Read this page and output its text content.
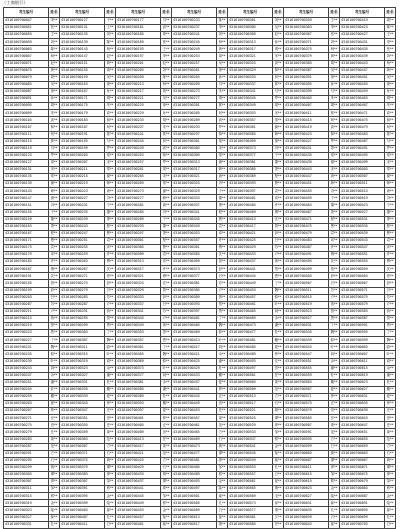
（工商银行）
考生编号	姓名	考生编号	姓名	考生编号	姓名	考生编号	姓名	考生编号	姓名	考生编号	姓名	考生编号	姓名
4316100700047	李**	4316100700127	于**	4316100700177	马**	4316100700233	陈**	4316100700301	刘**	4316100700359	王**	4316100700419	周**
4316100700051	张**	4316100700131	王**	4316100700181	高**	4316100700237	李**	4316100700305	吴**	4316100700363	李**	4316100700423	陈**
4316100700055	王**	4316100700135	刘**	4316100700185	黄**	4316100700241	刘**	4316100700309	赵**	4316100700367	张**	4316100700427	王**
4316100700059	刘**	4316100700139	陈**	4316100700189	张**	4316100700245	杨**	4316100700313	孙**	4316100700371	刘**	4316100700431	李**
4316100700063	陈**	4316100700143	杨**	4316100700193	王**	4316100700249	黄**	4316100700317	胡**	4316100700375	杨**	4316100700435	张**
4316100700067	杨**	4316100700147	赵**	4316100700197	李**	4316100700253	周**	4316100700321	朱**	4316100700379	黄**	4316100700439	刘**
4316100700071	赵**	4316100700151	黄**	4316100700201	赵**	4316100700257	吴**	4316100700325	高**	4316100700383	周**	4316100700443	杨**
4316100700075	黄**	4316100700155	周**	4316100700205	刘**	4316100700261	徐**	4316100700329	林**	4316100700387	吴**	4316100700447	黄**
4316100700079	周**	4316100700159	吴**	4316100700209	陈**	4316100700265	孙**	4316100700333	何**	4316100700391	徐**	4316100700451	吴**
4316100700083	吴**	4316100700163	徐**	4316100700213	杨**	4316100700269	马**	4316100700337	郭**	4316100700395	孙**	4316100700455	徐**
4316100700087	徐**	4316100700167	孙**	4316100700217	周**	4316100700273	朱**	4316100700341	马**	4316100700399	马**	4316100700459	孙**
4316100700091	孙**	4316100700171	胡**	4316100700221	吴**	4316100700277	胡**	4316100700345	罗**	4316100700403	朱**	4316100700463	胡**
4316100700095	胡**	4316100700175	朱**	4316100700225	徐**	4316100700281	郭**	4316100700349	梁**	4316100700407	胡**	4316100700467	朱**
4316100700099	朱**	4316100700179	高**	4316100700229	孙**	4316100700285	何**	4316100700353	宋**	4316100700411	郭**	4316100700471	高**
4316100700103	高**	4316100700183	林**	4316100700233	胡**	4316100700289	高**	4316100700357	郑**	4316100700415	何**	4316100700475	林**
4316100700107	林**	4316100700187	何**	4316100700237	朱**	4316100700293	罗**	4316100700361	谢**	4316100700419	高**	4316100700479	何**
4316100700111	何**	4316100700191	郭**	4316100700241	郭**	4316100700297	林**	4316100700365	韩**	4316100700423	林**	4316100700483	郭**
4316100700115	郭**	4316100700195	马**	4316100700245	何**	4316100700301	梁**	4316100700369	唐**	4316100700427	罗**	4316100700487	马**
4316100700119	马**	4316100700199	罗**	4316100700249	高**	4316100700305	宋**	4316100700373	冯**	4316100700431	郑**	4316100700491	罗**
4316100700123	罗**	4316100700203	梁**	4316100700253	林**	4316100700309	郑**	4316100700377	于**	4316100700435	梁**	4316100700495	梁**
4316100700127	梁**	4316100700207	宋**	4316100700257	罗**	4316100700313	谢**	4316100700381	董**	4316100700439	谢**	4316100700499	宋**
4316100700131	宋**	4316100700211	郑**	4316100700261	梁**	4316100700317	韩**	4316100700385	萧**	4316100700443	宋**	4316100700503	郑**
4316100700135	郑**	4316100700215	谢**	4316100700265	宋**	4316100700321	唐**	4316100700389	程**	4316100700447	唐**	4316100700507	谢**
4316100700139	谢**	4316100700219	韩**	4316100700269	郑**	4316100700325	冯**	4316100700393	曹**	4316100700451	韩**	4316100700511	韩**
4316100700143	韩**	4316100700223	唐**	4316100700273	谢**	4316100700329	于**	4316100700397	袁**	4316100700455	冯**	4316100700515	唐**
4316100700147	唐**	4316100700227	冯**	4316100700277	韩**	4316100700333	董**	4316100700401	邓**	4316100700459	于**	4316100700519	冯**
4316100700151	冯**	4316100700231	于**	4316100700281	唐**	4316100700337	萧**	4316100700405	许**	4316100700463	董**	4316100700523	于**
4316100700155	于**	4316100700235	董**	4316100700285	冯**	4316100700341	程**	4316100700409	傅**	4316100700467	萧**	4316100700527	董**
4316100700159	董**	4316100700239	萧**	4316100700289	于**	4316100700345	曹**	4316100700413	沈**	4316100700471	程**	4316100700531	萧**
4316100700163	萧**	4316100700243	程**	4316100700293	董**	4316100700349	袁**	4316100700417	曾**	4316100700475	曹**	4316100700535	程**
4316100700167	程**	4316100700247	曹**	4316100700297	萧**	4316100700353	邓**	4316100700421	彭**	4316100700479	袁**	4316100700539	曹**
4316100700171	曹**	4316100700251	袁**	4316100700301	程**	4316100700357	许**	4316100700425	吕**	4316100700483	邓**	4316100700543	袁**
4316100700175	袁**	4316100700255	邓**	4316100700305	曹**	4316100700361	傅**	4316100700429	苏**	4316100700487	许**	4316100700547	邓**
4316100700179	邓**	4316100700259	许**	4316100700309	袁**	4316100700365	沈**	4316100700433	卢**	4316100700491	傅**	4316100700551	许**
4316100700183	许**	4316100700263	傅**	4316100700313	邓**	4316100700369	曾**	4316100700437	蒋**	4316100700495	沈**	4316100700555	傅**
4316100700187	傅**	4316100700267	沈**	4316100700317	许**	4316100700373	彭**	4316100700441	蔡**	4316100700499	曾**	4316100700559	沈**
4316100700191	沈**	4316100700271	曾**	4316100700321	傅**	4316100700377	吕**	4316100700445	贾**	4316100700503	彭**	4316100700563	曾**
4316100700195	曾**	4316100700275	彭**	4316100700325	沈**	4316100700381	苏**	4316100700449	丁**	4316100700507	吕**	4316100700567	彭**
4316100700199	彭**	4316100700279	吕**	4316100700329	曾**	4316100700385	卢**	4316100700453	魏**	4316100700511	苏**	4316100700571	吕**
4316100700203	吕**	4316100700283	苏**	4316100700333	彭**	4316100700389	蒋**	4316100700457	薛**	4316100700515	卢**	4316100700575	苏**
4316100700207	苏**	4316100700287	卢**	4316100700337	吕**	4316100700393	蔡**	4316100700461	叶**	4316100700519	蒋**	4316100700579	卢**
4316100700211	卢**	4316100700291	蒋**	4316100700341	苏**	4316100700397	贾**	4316100700465	阎**	4316100700523	蔡**	4316100700583	蒋**
4316100700215	蒋**	4316100700295	蔡**	4316100700345	卢**	4316100700401	丁**	4316100700469	余**	4316100700527	贾**	4316100700587	蔡**
4316100700219	蔡**	4316100700299	贾**	4316100700349	蒋**	4316100700405	魏**	4316100700473	潘**	4316100700531	丁**	4316100700591	贾**
4316100700223	贾**	4316100700303	丁**	4316100700353	蔡**	4316100700409	薛**	4316100700477	杜**	4316100700535	魏**	4316100700595	丁**
4316100700227	丁**	4316100700307	魏**	4316100700357	贾**	4316100700413	叶**	4316100700481	戴**	4316100700539	薛**	4316100700599	魏**
4316100700231	魏**	4316100700311	薛**	4316100700361	丁**	4316100700417	阎**	4316100700485	夏**	4316100700543	叶**	4316100700603	薛**
4316100700235	薛**	4316100700315	叶**	4316100700365	魏**	4316100700421	余**	4316100700489	钟**	4316100700547	阎**	4316100700607	叶**
4316100700239	叶**	4316100700319	阎**	4316100700369	薛**	4316100700425	潘**	4316100700493	汪**	4316100700551	余**	4316100700611	阎**
4316100700243	阎**	4316100700323	余**	4316100700373	叶**	4316100700429	杜**	4316100700497	田**	4316100700555	潘**	4316100700615	余**
4316100700247	余**	4316100700327	潘**	4316100700377	阎**	4316100700433	戴**	4316100700501	任**	4316100700559	杜**	4316100700619	潘**
4316100700251	潘**	4316100700331	杜**	4316100700381	余**	4316100700437	夏**	4316100700505	姜**	4316100700563	戴**	4316100700623	杜**
4316100700255	杜**	4316100700335	戴**	4316100700385	潘**	4316100700441	钟**	4316100700509	范**	4316100700567	夏**	4316100700627	戴**
4316100700259	戴**	4316100700339	夏**	4316100700389	杜**	4316100700445	汪**	4316100700513	方**	4316100700571	钟**	4316100700631	夏**
4316100700263	夏**	4316100700343	钟**	4316100700393	戴**	4316100700449	田**	4316100700517	石**	4316100700575	汪**	4316100700635	钟**
4316100700267	钟**	4316100700347	汪**	4316100700397	夏**	4316100700453	任**	4316100700521	姚**	4316100700579	田**	4316100700639	汪**
4316100700271	汪**	4316100700351	田**	4316100700401	钟**	4316100700457	姜**	4316100700525	谭**	4316100700583	任**	4316100700643	田**
4316100700275	田**	4316100700355	任**	4316100700405	汪**	4316100700461	范**	4316100700529	廖**	4316100700587	姜**	4316100700647	任**
4316100700279	任**	4316100700359	姜**	4316100700409	田**	4316100700465	方**	4316100700533	邹**	4316100700591	范**	4316100700651	姜**
4316100700283	姜**	4316100700363	范**	4316100700413	任**	4316100700469	石**	4316100700537	熊**	4316100700595	方**	4316100700655	范**
4316100700287	范**	4316100700367	方**	4316100700417	姜**	4316100700473	姚**	4316100700541	金**	4316100700599	石**	4316100700659	方**
4316100700291	方**	4316100700371	石**	4316100700421	范**	4316100700477	谭**	4316100700545	陆**	4316100700603	姚**	4316100700663	石**
4316100700295	石**	4316100700375	姚**	4316100700425	方**	4316100700481	廖**	4316100700549	郝**	4316100700607	谭**	4316100700667	姚**
4316100700299	姚**	4316100700379	谭**	4316100700429	石**	4316100700485	邹**	4316100700553	孔**	4316100700611	廖**	4316100700671	谭**
4316100700303	谭**	4316100700383	廖**	4316100700433	姚**	4316100700489	熊**	4316100700557	白**	4316100700615	邹**	4316100700675	廖**
4316100700307	廖**	4316100700387	邹**	4316100700437	谭**	4316100700493	金**	4316100700561	崔**	4316100700619	熊**	4316100700679	邹**
4316100700311	邹**	4316100700391	熊**	4316100700441	廖**	4316100700497	陆**	4316100700565	康**	4316100700623	金**	4316100700683	熊**
4316100700315	熊**	4316100700395	金**	4316100700445	邹**	4316100700501	郝**	4316100700569	毛**	4316100700627	陆**	4316100700687	金**
4316100700319	金**	4316100700399	陆**	4316100700449	熊**	4316100700505	孔**	4316100700573	邱**	4316100700631	郝**	4316100700691	陆**
4316100700323	陆**	4316100700403	郝**	4316100700453	金**	4316100700509	白**	4316100700577	秦**	4316100700635	孔**	4316100700695	郝**
4316100700327	郝**	4316100700407	孔**	4316100700457	陆**	4316100700513	崔**	4316100700581	江**	4316100700639	白**	4316100700699	孔**
4316100700331	孔**	4316100700411	白**	4316100700461	郝**	4316100700517	康**	4316100700585	史**	4316100700643	崔**	4316100700703	白**
